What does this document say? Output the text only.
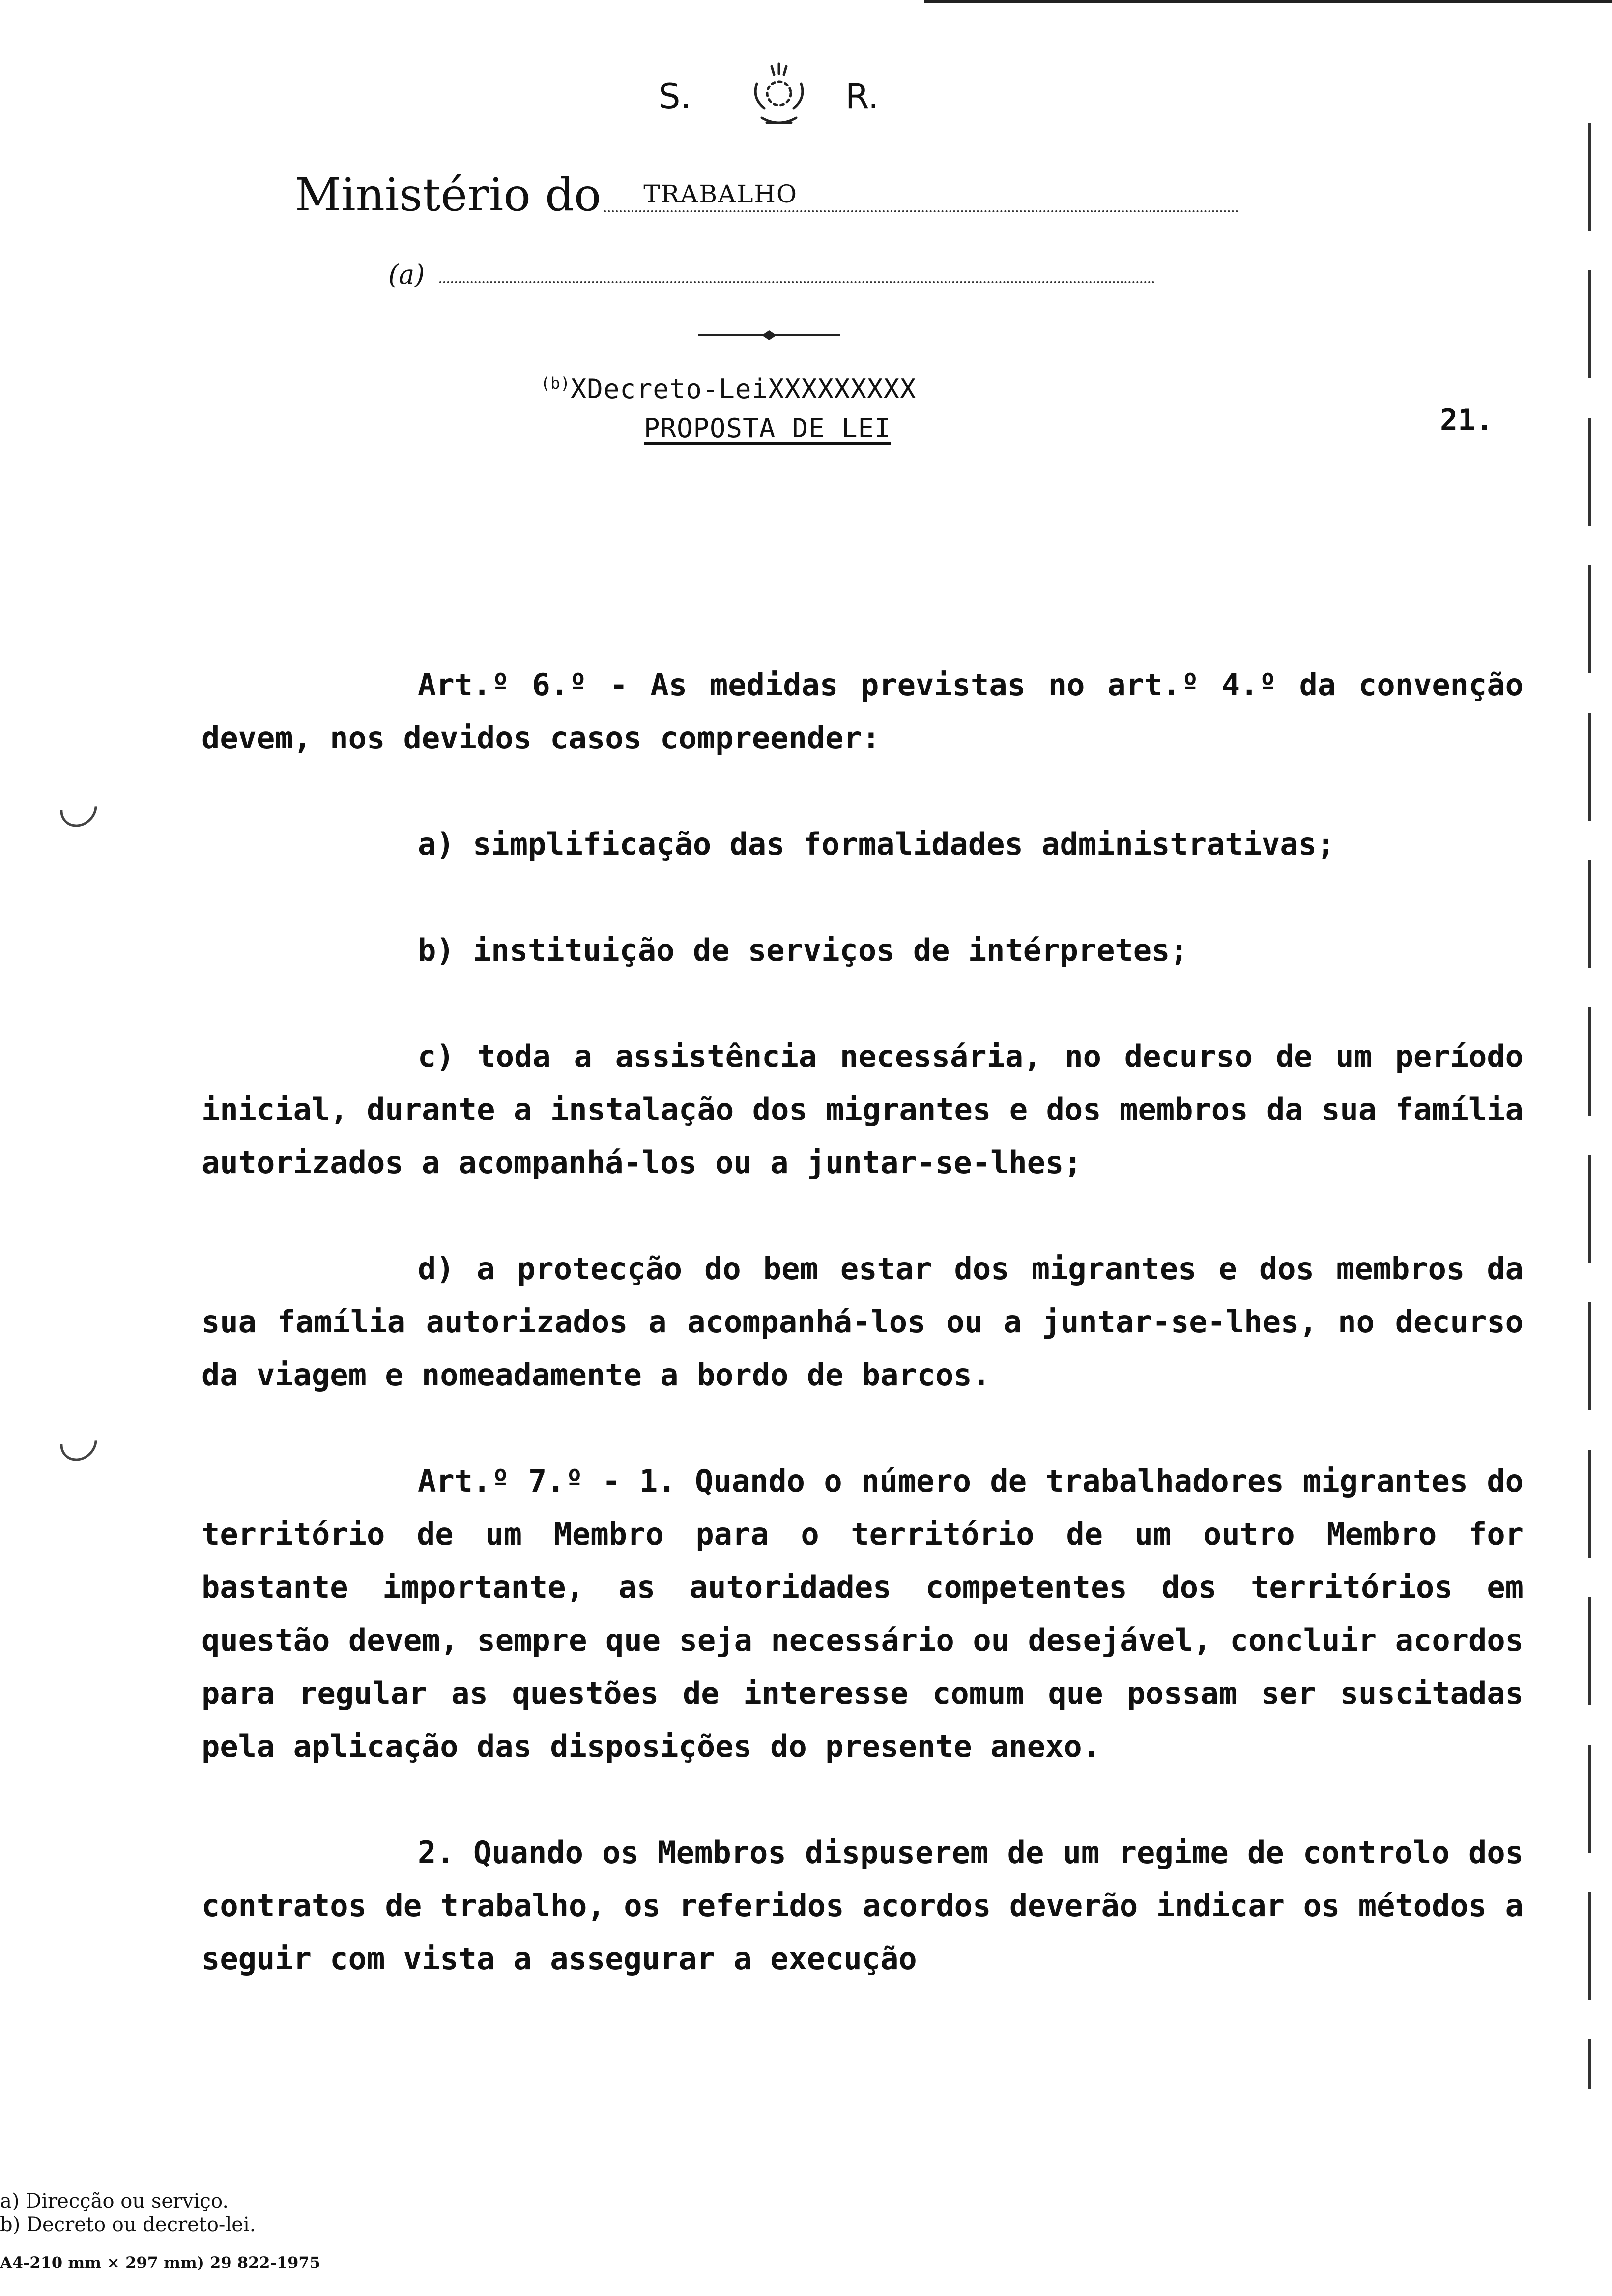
S.	R.
Ministério do TRABALHO
(a)
$^{(b)}$XDecreto-LeiXXXXXXXXX
PROPOSTA DE LEI	21.

Art.º 6.º - As medidas previstas no art.º 4.º da convenção devem, nos devidos casos compreender:

a) simplificação das formalidades administrativas;

b) instituição de serviços de intérpretes;

c) toda a assistência necessária, no decurso de um período inicial, durante a instalação dos migrantes e dos membros da sua família autorizados a acompanhá-los ou a juntar-se-lhes;

d) a protecção do bem estar dos migrantes e dos membros da sua família autorizados a acompanhá-los ou a juntar-se-lhes, no decurso da viagem e nomeadamente a bordo de barcos.

Art.º 7.º - 1. Quando o número de trabalhadores migrantes do território de um Membro para o território de um outro Membro for bastante importante, as autoridades competentes dos territórios em questão devem, sempre que seja necessário ou desejável, concluir acordos para regular as questões de interesse comum que possam ser suscitadas pela aplicação das disposições do presente anexo.

2. Quando os Membros dispuserem de um regime de controlo dos contratos de trabalho, os referidos acordos deverão indicar os métodos a seguir com vista a assegurar a execução

a) Direcção ou serviço.
b) Decreto ou decreto-lei.
A4-210 mm × 297 mm) 29 822-1975
